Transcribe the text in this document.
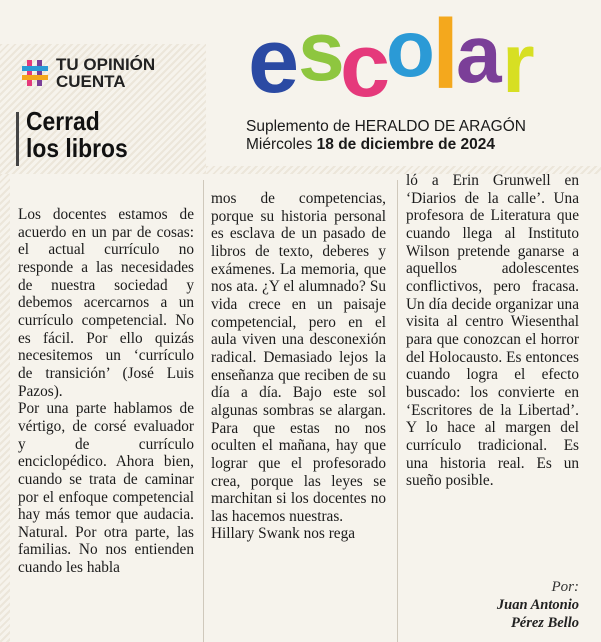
TU OPINIÓN
CUENTA
Cerrad
los libros
e
s
c
o
l
a r
Suplemento de HERALDO DE ARAGÓN
Miércoles 18 de diciembre de 2024

Los docentes estamos de acuerdo en un par de cosas: el actual currículo no responde a las necesidades de nuestra sociedad y debemos acercarnos a un currículo competencial. No es fácil. Por ello quizás necesitemos un ‘currículo de transición’ (José Luis Pazos).

Por una parte hablamos de vértigo, de corsé evaluador y de currículo enciclopédico. Ahora bien, cuando se trata de caminar por el enfoque competencial hay más temor que audacia. Natural. Por otra parte, las familias. No nos entienden cuando les habla

mos de competencias, porque su historia personal es esclava de un pasado de libros de texto, deberes y exámenes. La memoria, que nos ata. ¿Y el alumnado? Su vida crece en un paisaje competencial, pero en el aula viven una desconexión radical. Demasiado lejos la enseñanza que reciben de su día a día. Bajo este sol algunas sombras se alargan. Para que estas no nos oculten el mañana, hay que lograr que el profesorado crea, porque las leyes se marchitan si los docentes no las hacemos nuestras.

Hillary Swank nos rega

ló a Erin Grunwell en ‘Diarios de la calle’. Una profesora de Literatura que cuando llega al Instituto Wilson pretende ganarse a aquellos adolescentes conflictivos, pero fracasa. Un día decide organizar una visita al centro Wiesenthal para que conozcan el horror del Holocausto. Es entonces cuando logra el efecto buscado: los convierte en ‘Escritores de la Libertad’. Y lo hace al margen del currículo tradicional. Es una historia real. Es un sueño posible.

Por:
Juan Antonio
Pérez Bello
